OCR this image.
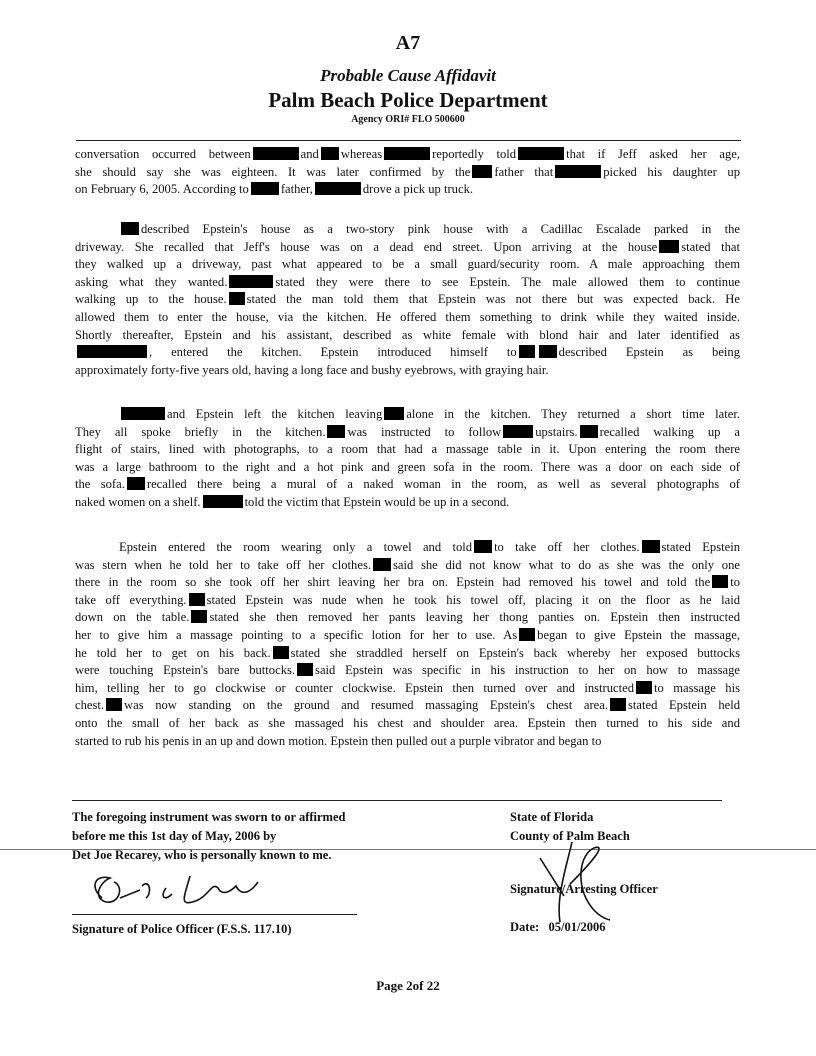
A7
Probable Cause Affidavit
Palm Beach Police Department
Agency ORI# FLO 500600
conversation occurred between	and whereas	reportedly told	that if Jeff asked her age,
she should say she was eighteen. It was later confirmed by the father that	picked his daughter up
on February 6, 2005. According to	father,	drove a pick up truck.
described Epstein's house as a two-story pink house with a Cadillac Escalade parked in the
driveway. She recalled that Jeff's house was on a dead end street. Upon arriving at the house stated that
they walked up a driveway, past what appeared to be a small guard/security room. A male approaching them
asking what they wanted.	stated they were there to see Epstein. The male allowed them to continue
walking up to the house. stated the man told them that Epstein was not there but was expected back. He
allowed them to enter the house, via the kitchen. He offered them something to drink while they waited inside.
Shortly thereafter, Epstein and his assistant, described as white female with blond hair and later identified as
, entered the kitchen. Epstein introduced himself to	described Epstein as being
approximately forty-five years old, having a long face and bushy eyebrows, with graying hair.
and Epstein left the kitchen leaving alone in the kitchen. They returned a short time later.
They all spoke briefly in the kitchen. was instructed to follow	upstairs. recalled walking up a
flight of stairs, lined with photographs, to a room that had a massage table in it. Upon entering the room there
was a large bathroom to the right and a hot pink and green sofa in the room. There was a door on each side of
the sofa. recalled there being a mural of a naked woman in the room, as well as several photographs of
naked women on a shelf.	told the victim that Epstein would be up in a second.
Epstein entered the room wearing only a towel and told to take off her clothes. stated Epstein
was stern when he told her to take off her clothes. said she did not know what to do as she was the only one
there in the room so she took off her shirt leaving her bra on. Epstein had removed his towel and told the to
take off everything. stated Epstein was nude when he took his towel off, placing it on the floor as he laid
down on the table. stated she then removed her pants leaving her thong panties on. Epstein then instructed
her to give him a massage pointing to a specific lotion for her to use. As began to give Epstein the massage,
he told her to get on his back. stated she straddled herself on Epstein's back whereby her exposed buttocks
were touching Epstein's bare buttocks. said Epstein was specific in his instruction to her on how to massage
him, telling her to go clockwise or counter clockwise. Epstein then turned over and instructed to massage his
chest. was now standing on the ground and resumed massaging Epstein's chest area. stated Epstein held
onto the small of her back as she massaged his chest and shoulder area. Epstein then turned to his side and
started to rub his penis in an up and down motion. Epstein then pulled out a purple vibrator and began to
The foregoing instrument was sworn to or affirmed
before me this 1st day of May, 2006 by
Det Joe Recarey, who is personally known to me.
State of Florida
County of Palm Beach
Signature of Police Officer (F.S.S. 117.10)
Signature/Arresting Officer
Date: 05/01/2006
Page 2of 22
